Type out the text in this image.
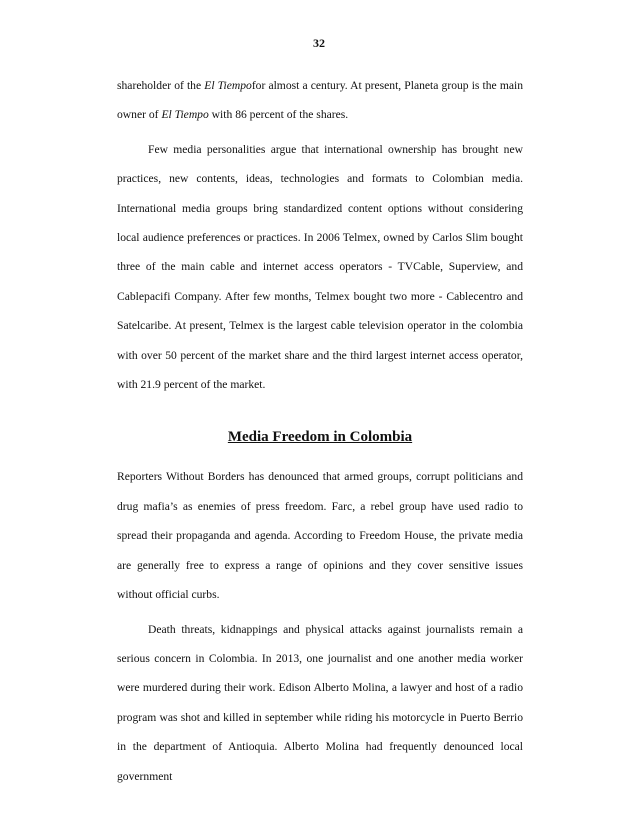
32

shareholder of the El Tiempofor almost a century. At present, Planeta group is the main owner of El Tiempo with 86 percent of the shares.

Few media personalities argue that international ownership has brought new practices, new contents, ideas, technologies and formats to Colombian media. International media groups bring standardized content options without considering local audience preferences or practices. In 2006 Telmex, owned by Carlos Slim bought three of the main cable and internet access operators - TVCable, Superview, and Cablepacifi Company. After few months, Telmex bought two more - Cablecentro and Satelcaribe. At present, Telmex is the largest cable television operator in the colombia with over 50 percent of the market share and the third largest internet access operator, with 21.9 percent of the market.

Media Freedom in Colombia

Reporters Without Borders has denounced that armed groups, corrupt politicians and drug mafia’s as enemies of press freedom. Farc, a rebel group have used radio to spread their propaganda and agenda. According to Freedom House, the private media are generally free to express a range of opinions and they cover sensitive issues without official curbs.

Death threats, kidnappings and physical attacks against journalists remain a serious concern in Colombia. In 2013, one journalist and one another media worker were murdered during their work. Edison Alberto Molina, a lawyer and host of a radio program was shot and killed in september while riding his motorcycle in Puerto Berrio in the department of Antioquia. Alberto Molina had frequently denounced local government
